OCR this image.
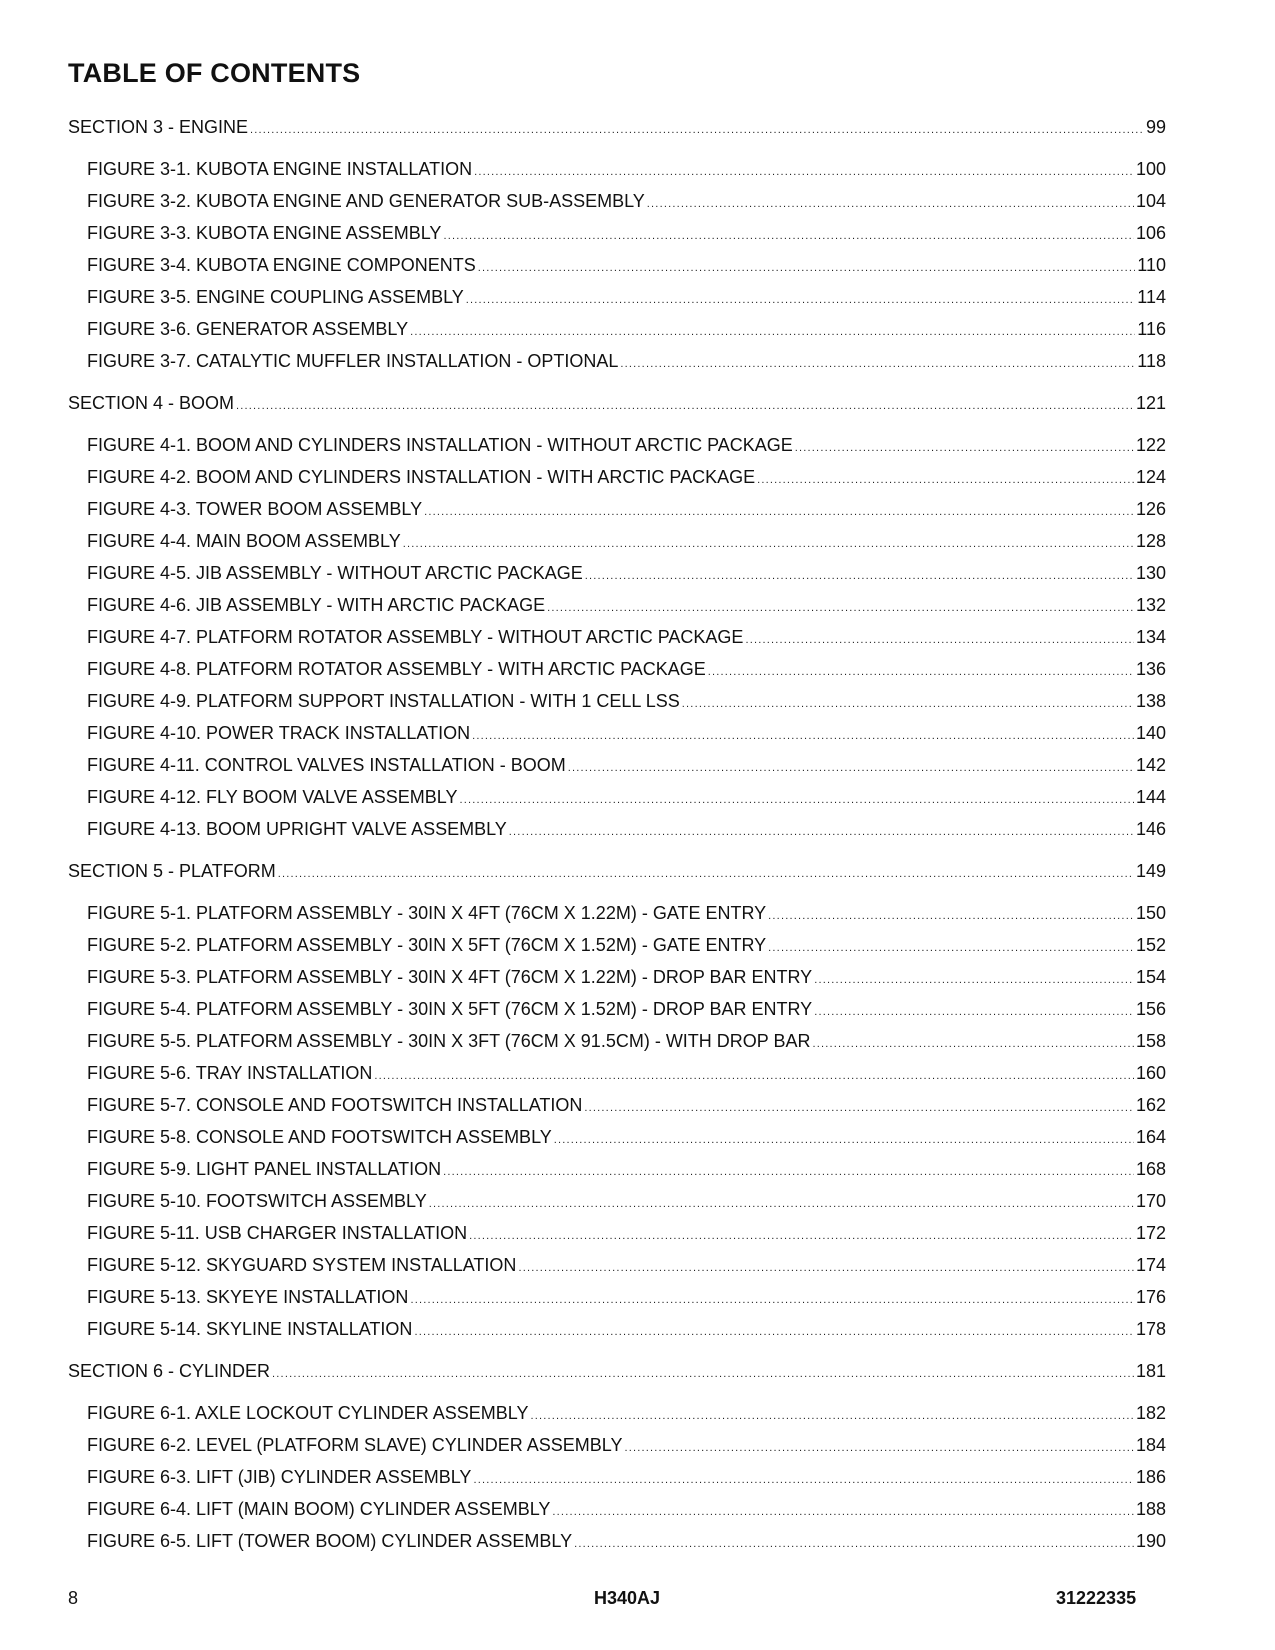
TABLE OF CONTENTS
SECTION 3 - ENGINE .....	99
FIGURE 3-1. KUBOTA ENGINE INSTALLATION .....	100
FIGURE 3-2. KUBOTA ENGINE AND GENERATOR SUB-ASSEMBLY .....	104
FIGURE 3-3. KUBOTA ENGINE ASSEMBLY .....	106
FIGURE 3-4. KUBOTA ENGINE COMPONENTS .....	110
FIGURE 3-5. ENGINE COUPLING ASSEMBLY .....	114
FIGURE 3-6. GENERATOR ASSEMBLY .....	116
FIGURE 3-7. CATALYTIC MUFFLER INSTALLATION - OPTIONAL .....	118
SECTION 4 - BOOM .....	121
FIGURE 4-1. BOOM AND CYLINDERS INSTALLATION - WITHOUT ARCTIC PACKAGE .....	122
FIGURE 4-2. BOOM AND CYLINDERS INSTALLATION - WITH ARCTIC PACKAGE .....	124
FIGURE 4-3. TOWER BOOM ASSEMBLY .....	126
FIGURE 4-4. MAIN BOOM ASSEMBLY .....	128
FIGURE 4-5. JIB ASSEMBLY - WITHOUT ARCTIC PACKAGE .....	130
FIGURE 4-6. JIB ASSEMBLY - WITH ARCTIC PACKAGE .....	132
FIGURE 4-7. PLATFORM ROTATOR ASSEMBLY - WITHOUT ARCTIC PACKAGE .....	134
FIGURE 4-8. PLATFORM ROTATOR ASSEMBLY - WITH ARCTIC PACKAGE .....	136
FIGURE 4-9. PLATFORM SUPPORT INSTALLATION - WITH 1 CELL LSS .....	138
FIGURE 4-10. POWER TRACK INSTALLATION .....	140
FIGURE 4-11. CONTROL VALVES INSTALLATION - BOOM .....	142
FIGURE 4-12. FLY BOOM VALVE ASSEMBLY .....	144
FIGURE 4-13. BOOM UPRIGHT VALVE ASSEMBLY .....	146
SECTION 5 - PLATFORM .....	149
FIGURE 5-1. PLATFORM ASSEMBLY - 30IN X 4FT (76CM X 1.22M) - GATE ENTRY .....	150
FIGURE 5-2. PLATFORM ASSEMBLY - 30IN X 5FT (76CM X 1.52M) - GATE ENTRY .....	152
FIGURE 5-3. PLATFORM ASSEMBLY - 30IN X 4FT (76CM X 1.22M) - DROP BAR ENTRY .....	154
FIGURE 5-4. PLATFORM ASSEMBLY - 30IN X 5FT (76CM X 1.52M) - DROP BAR ENTRY .....	156
FIGURE 5-5. PLATFORM ASSEMBLY - 30IN X 3FT (76CM X 91.5CM) - WITH DROP BAR .....	158
FIGURE 5-6. TRAY INSTALLATION .....	160
FIGURE 5-7. CONSOLE AND FOOTSWITCH INSTALLATION .....	162
FIGURE 5-8. CONSOLE AND FOOTSWITCH ASSEMBLY .....	164
FIGURE 5-9. LIGHT PANEL INSTALLATION .....	168
FIGURE 5-10. FOOTSWITCH ASSEMBLY .....	170
FIGURE 5-11. USB CHARGER INSTALLATION .....	172
FIGURE 5-12. SKYGUARD SYSTEM INSTALLATION .....	174
FIGURE 5-13. SKYEYE INSTALLATION .....	176
FIGURE 5-14. SKYLINE INSTALLATION .....	178
SECTION 6 - CYLINDER .....	181
FIGURE 6-1. AXLE LOCKOUT CYLINDER ASSEMBLY .....	182
FIGURE 6-2. LEVEL (PLATFORM SLAVE) CYLINDER ASSEMBLY .....	184
FIGURE 6-3. LIFT (JIB) CYLINDER ASSEMBLY .....	186
FIGURE 6-4. LIFT (MAIN BOOM) CYLINDER ASSEMBLY .....	188
FIGURE 6-5. LIFT (TOWER BOOM) CYLINDER ASSEMBLY .....	190
8	H340AJ	31222335
